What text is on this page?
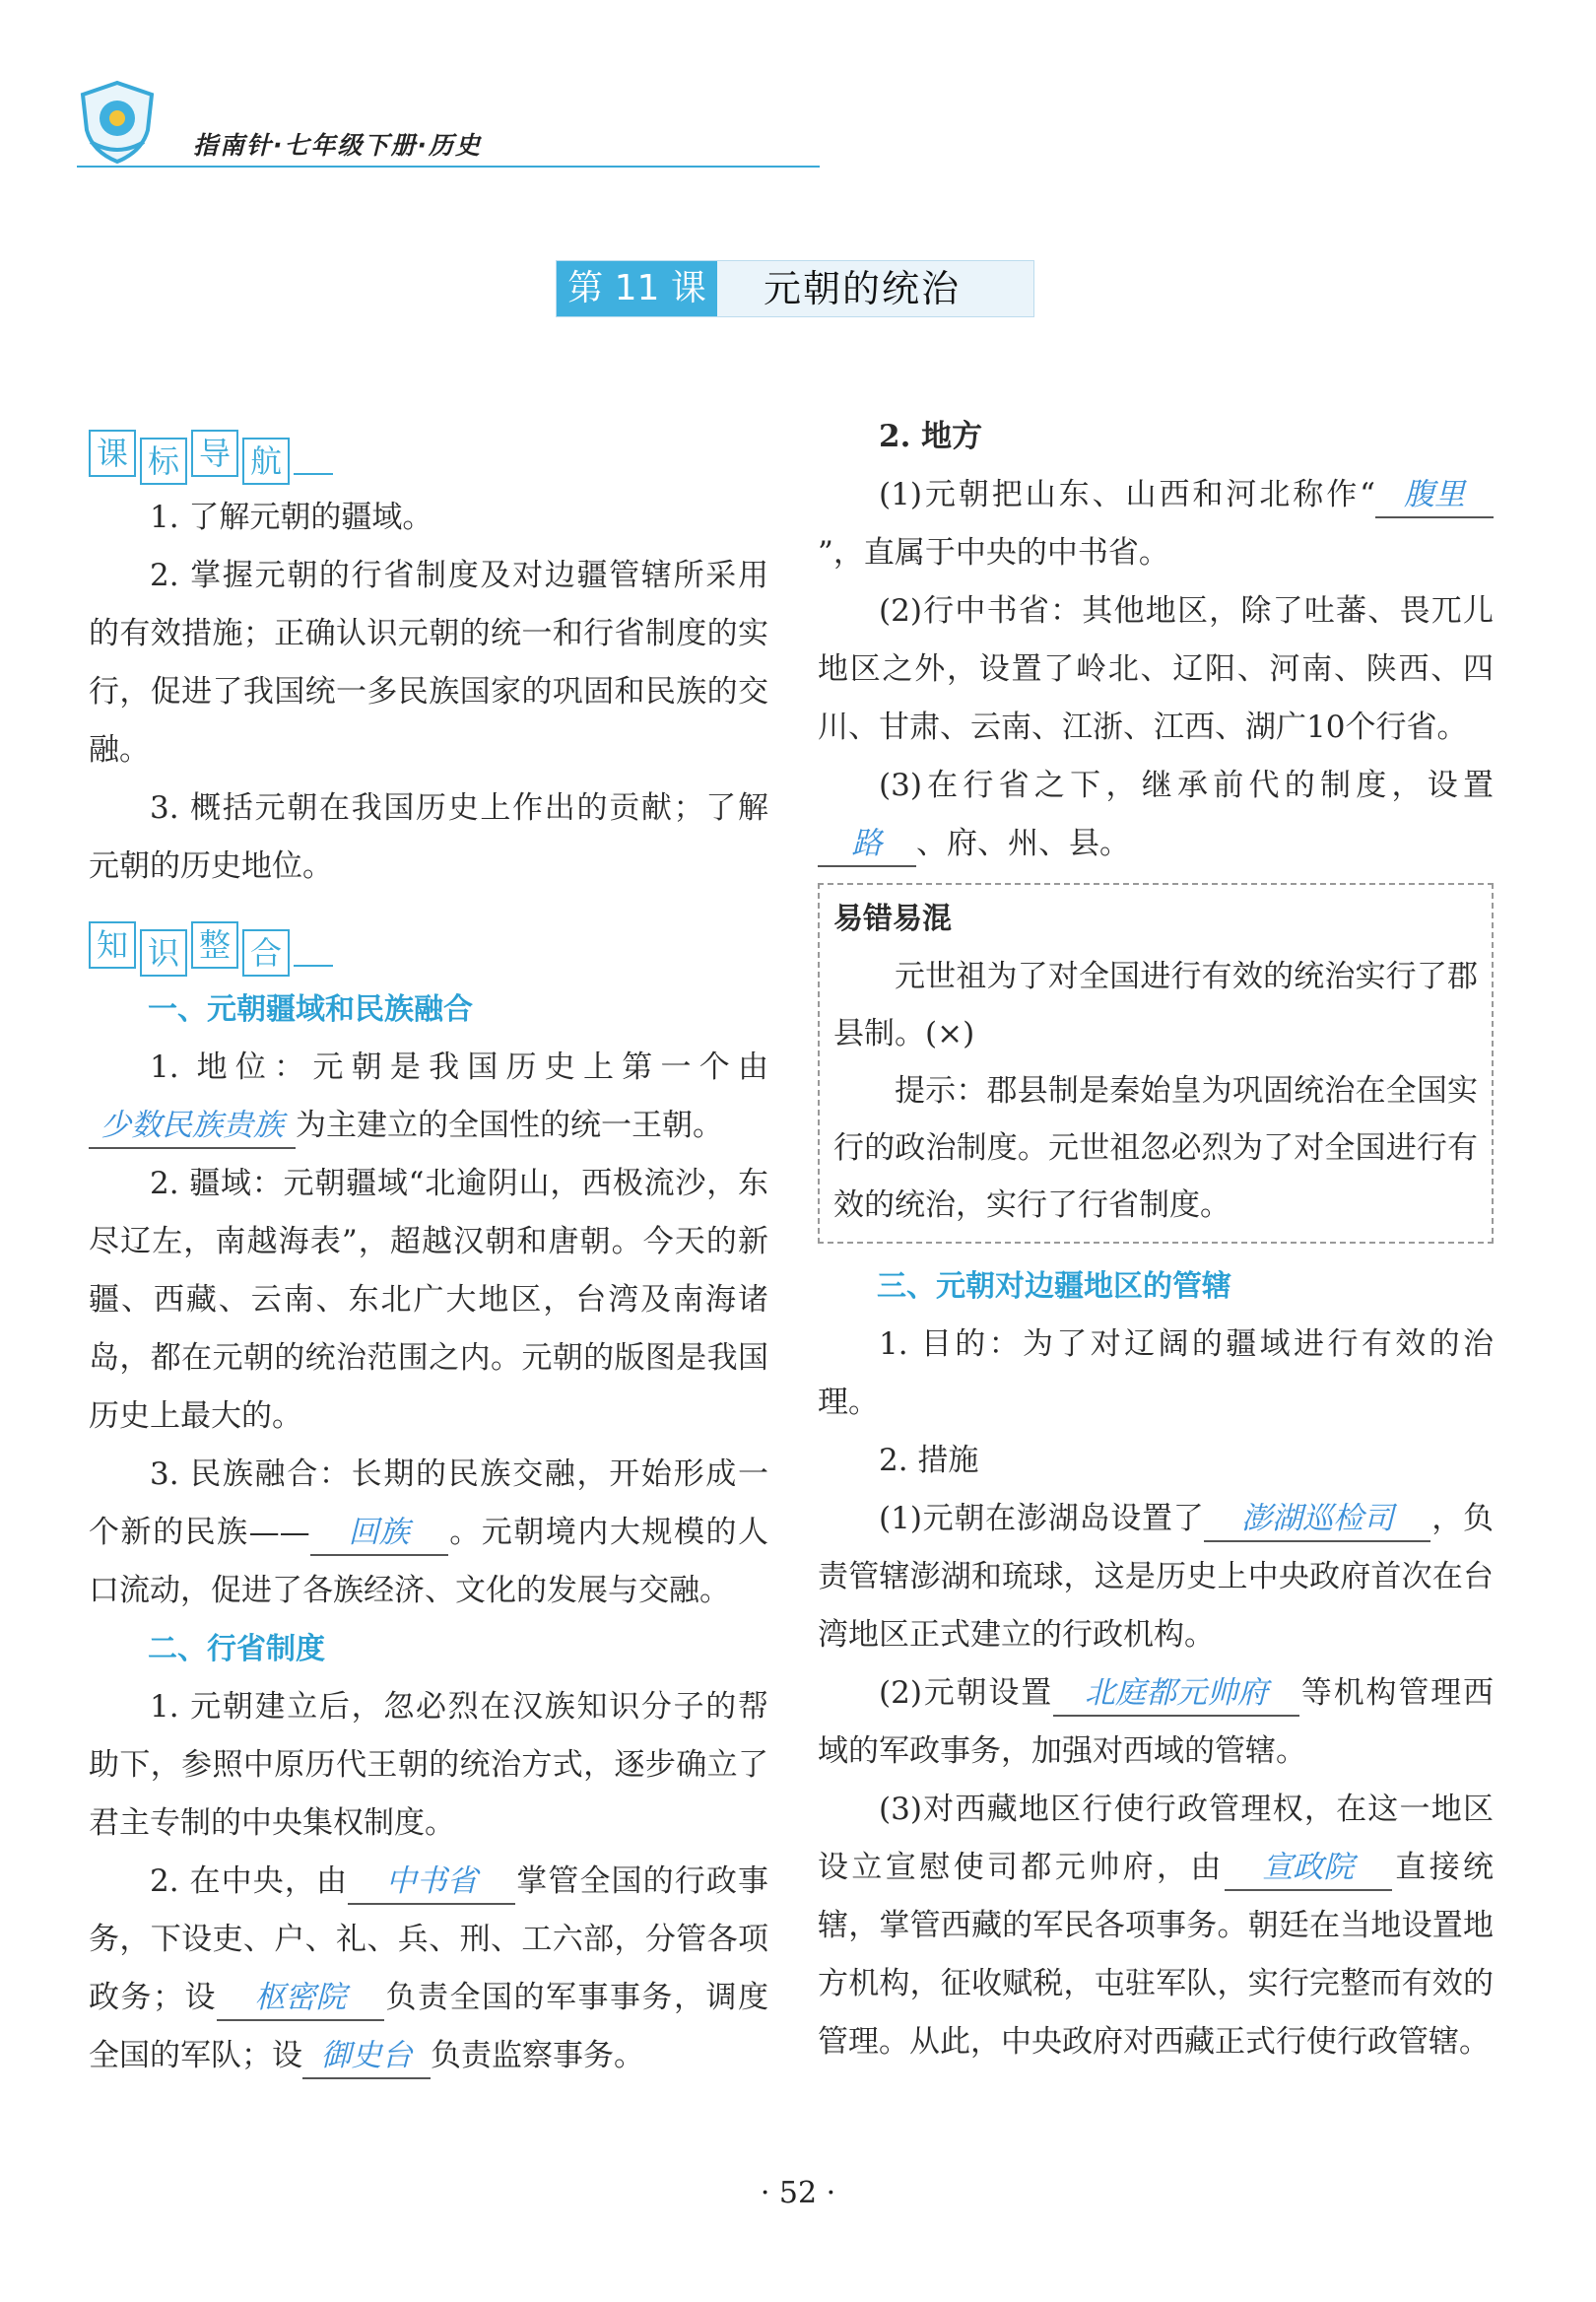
指南针·七年级下册·历史
第 11 课 元朝的统治
课 标 导 航

1. 了解元朝的疆域。

2. 掌握元朝的行省制度及对边疆管辖所采用的有效措施；正确认识元朝的统一和行省制度的实行，促进了我国统一多民族国家的巩固和民族的交融。

3. 概括元朝在我国历史上作出的贡献；了解元朝的历史地位。

知 识 整 合
一、元朝疆域和民族融合

1. 地位：元朝是我国历史上第一个由少数民族贵族 为主建立的全国性的统一王朝。

2. 疆域：元朝疆域“北逾阴山，西极流沙，东尽辽左，南越海表”，超越汉朝和唐朝。今天的新疆、西藏、云南、东北广大地区，台湾及南海诸岛，都在元朝的统治范围之内。元朝的版图是我国历史上最大的。

3. 民族融合：长期的民族交融，开始形成一个新的民族—— 回族 。元朝境内大规模的人口流动，促进了各族经济、文化的发展与交融。

二、行省制度

1. 元朝建立后，忽必烈在汉族知识分子的帮助下，参照中原历代王朝的统治方式，逐步确立了君主专制的中央集权制度。

2. 在中央，由 中书省 掌管全国的行政事务，下设吏、户、礼、兵、刑、工六部，分管各项政务；设 枢密院 负责全国的军事事务，调度全国的军队；设 御史台 负责监察事务。

2. 地方

(1)元朝把山东、山西和河北称作“ 腹里”，直属于中央的中书省。

(2)行中书省：其他地区，除了吐蕃、畏兀儿地区之外，设置了岭北、辽阳、河南、陕西、四川、甘肃、云南、江浙、江西、湖广10个行省。

(3)在行省之下，继承前代的制度，设置路 、府、州、县。

易错易混

元世祖为了对全国进行有效的统治实行了郡县制。(×)

提示：郡县制是秦始皇为巩固统治在全国实行的政治制度。元世祖忽必烈为了对全国进行有效的统治，实行了行省制度。

三、元朝对边疆地区的管辖

1. 目的：为了对辽阔的疆域进行有效的治理。

2. 措施

(1)元朝在澎湖岛设置了 澎湖巡检司 ，负责管辖澎湖和琉球，这是历史上中央政府首次在台湾地区正式建立的行政机构。

(2)元朝设置 北庭都元帅府 等机构管理西域的军政事务，加强对西域的管辖。

(3)对西藏地区行使行政管理权，在这一地区设立宣慰使司都元帅府，由 宣政院 直接统辖，掌管西藏的军民各项事务。朝廷在当地设置地方机构，征收赋税，屯驻军队，实行完整而有效的管理。从此，中央政府对西藏正式行使行政管辖。

· 52 ·
